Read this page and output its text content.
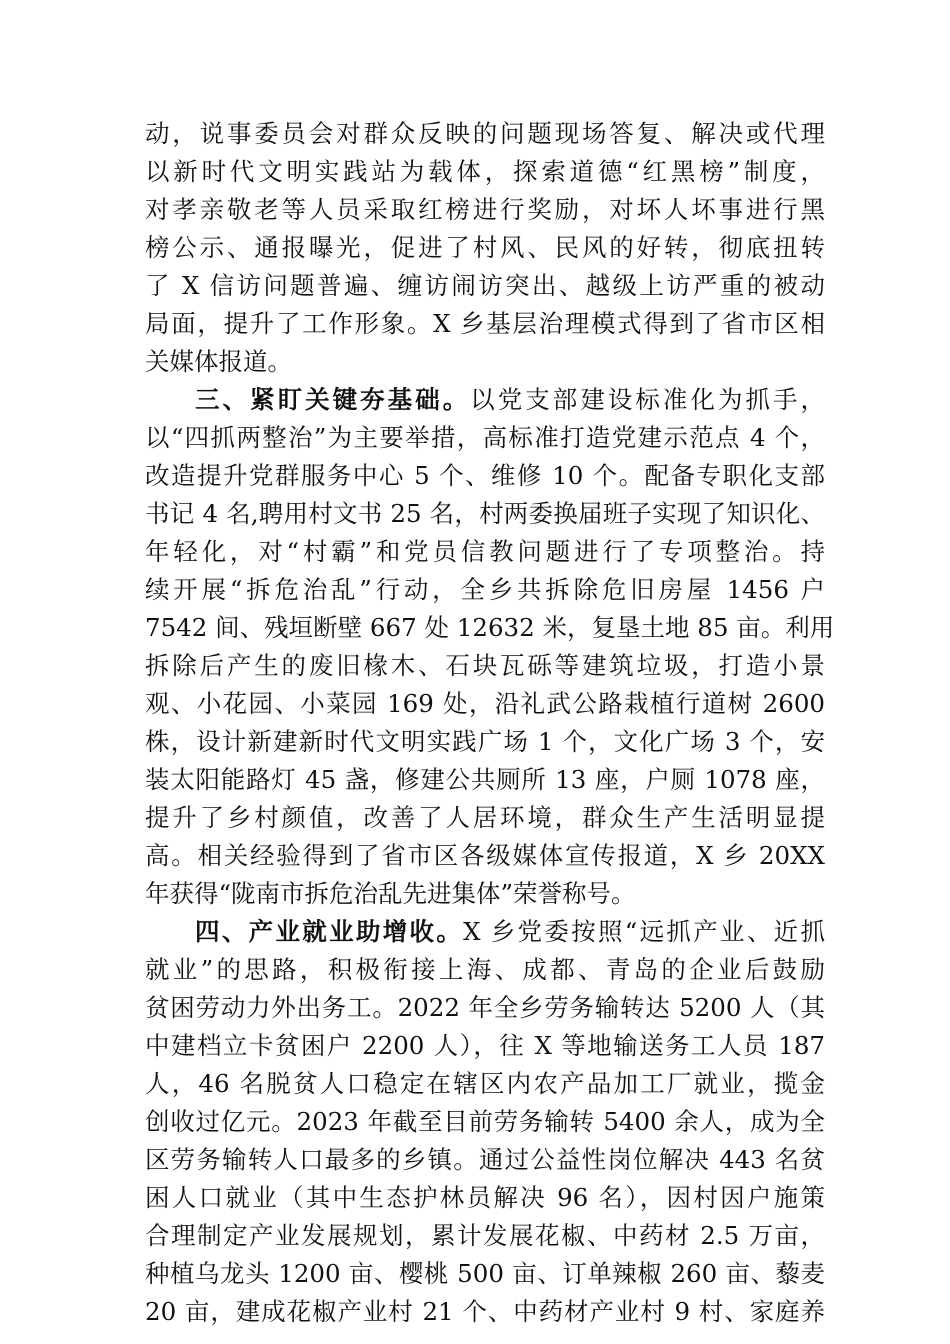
动，说事委员会对群众反映的问题现场答复、解决或代理
以新时代文明实践站为载体，探索道德“红黑榜”制度，
对孝亲敬老等人员采取红榜进行奖励，对坏人坏事进行黑
榜公示、通报曝光，促进了村风、民风的好转，彻底扭转
了 X 信访问题普遍、缠访闹访突出、越级上访严重的被动
局面，提升了工作形象。X 乡基层治理模式得到了省市区相
关媒体报道。
三、紧盯关键夯基础。以党支部建设标准化为抓手，
以“四抓两整治”为主要举措，高标准打造党建示范点 4 个，
改造提升党群服务中心 5 个、维修 10 个。配备专职化支部
书记 4 名,聘用村文书 25 名，村两委换届班子实现了知识化、
年轻化，对“村霸”和党员信教问题进行了专项整治。持
续开展“拆危治乱”行动，全乡共拆除危旧房屋 1456 户
7542 间、残垣断壁 667 处 12632 米，复垦土地 85 亩。利用
拆除后产生的废旧椽木、石块瓦砾等建筑垃圾，打造小景
观、小花园、小菜园 169 处，沿礼武公路栽植行道树 2600
株，设计新建新时代文明实践广场 1 个，文化广场 3 个，安
装太阳能路灯 45 盏，修建公共厕所 13 座，户厕 1078 座，
提升了乡村颜值，改善了人居环境，群众生产生活明显提
高。相关经验得到了省市区各级媒体宣传报道，X 乡 20XX
年获得“陇南市拆危治乱先进集体”荣誉称号。
四、产业就业助增收。X 乡党委按照“远抓产业、近抓
就业”的思路，积极衔接上海、成都、青岛的企业后鼓励
贫困劳动力外出务工。2022 年全乡劳务输转达 5200 人（其
中建档立卡贫困户 2200 人），往 X 等地输送务工人员 187
人，46 名脱贫人口稳定在辖区内农产品加工厂就业，揽金
创收过亿元。2023 年截至目前劳务输转 5400 余人，成为全
区劳务输转人口最多的乡镇。通过公益性岗位解决 443 名贫
困人口就业（其中生态护林员解决 96 名），因村因户施策
合理制定产业发展规划，累计发展花椒、中药材 2.5 万亩，
种植乌龙头 1200 亩、樱桃 500 亩、订单辣椒 260 亩、藜麦
20 亩，建成花椒产业村 21 个、中药材产业村 9 村、家庭养
